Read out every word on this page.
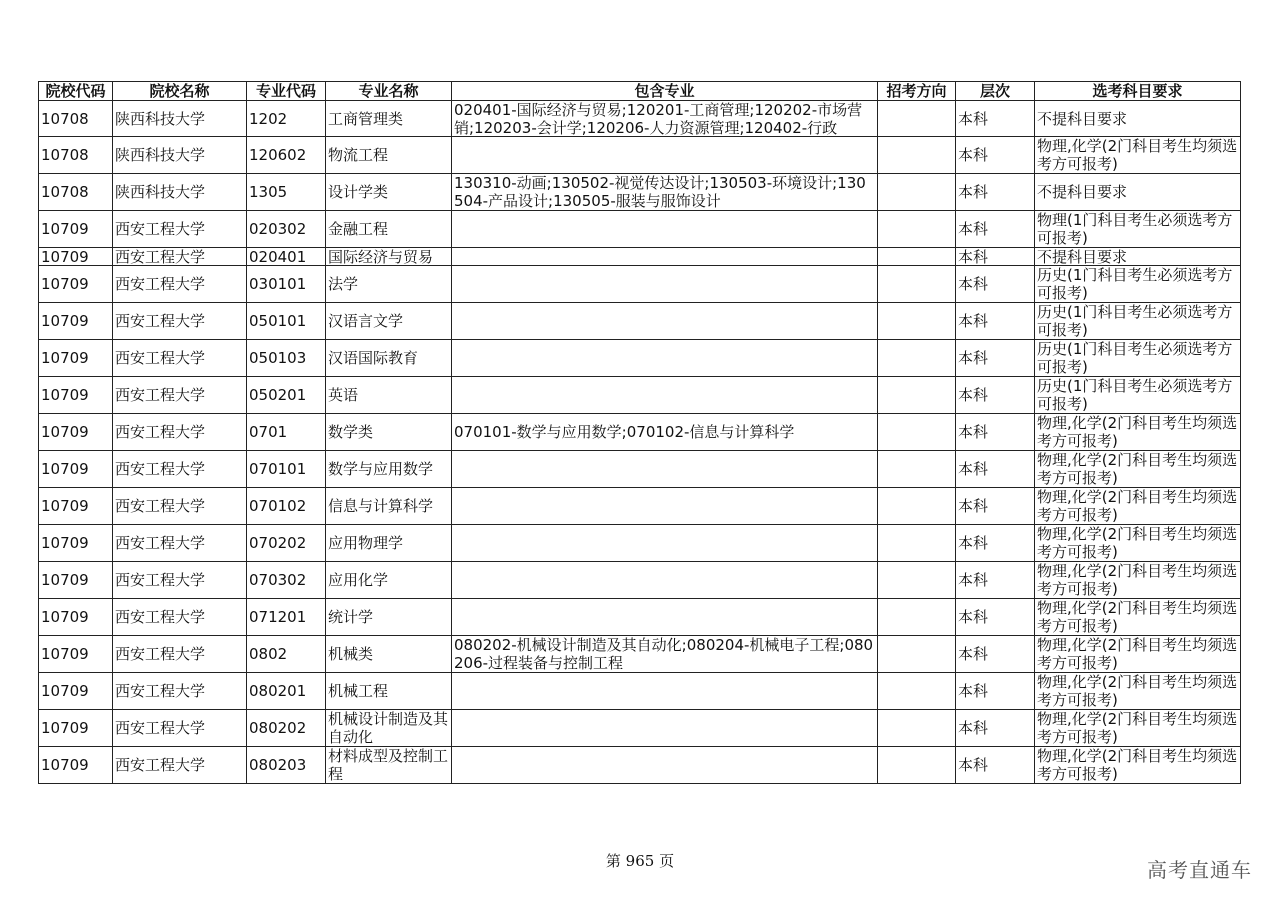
院校代码	院校名称	专业代码	专业名称	包含专业	招考方向	层次	选考科目要求

10708	陕西科技大学	1202	工商管理类	020401-国际经济与贸易;120201-工商管理;120202-市场营销;120203-会计学;120206-人力资源管理;120402-行政		本科	不提科目要求

10708	陕西科技大学	120602	物流工程			本科	物理,化学(2门科目考生均须选考方可报考)

10708	陕西科技大学	1305	设计学类	130310-动画;130502-视觉传达设计;130503-环境设计;130504-产品设计;130505-服装与服饰设计		本科	不提科目要求

10709	西安工程大学	020302	金融工程			本科	物理(1门科目考生必须选考方可报考)

10709	西安工程大学	020401	国际经济与贸易			本科	不提科目要求

10709	西安工程大学	030101	法学			本科	历史(1门科目考生必须选考方可报考)

10709	西安工程大学	050101	汉语言文学			本科	历史(1门科目考生必须选考方可报考)

10709	西安工程大学	050103	汉语国际教育			本科	历史(1门科目考生必须选考方可报考)

10709	西安工程大学	050201	英语			本科	历史(1门科目考生必须选考方可报考)

10709	西安工程大学	0701	数学类	070101-数学与应用数学;070102-信息与计算科学		本科	物理,化学(2门科目考生均须选考方可报考)

10709	西安工程大学	070101	数学与应用数学			本科	物理,化学(2门科目考生均须选考方可报考)

10709	西安工程大学	070102	信息与计算科学			本科	物理,化学(2门科目考生均须选考方可报考)

10709	西安工程大学	070202	应用物理学			本科	物理,化学(2门科目考生均须选考方可报考)

10709	西安工程大学	070302	应用化学			本科	物理,化学(2门科目考生均须选考方可报考)

10709	西安工程大学	071201	统计学			本科	物理,化学(2门科目考生均须选考方可报考)

10709	西安工程大学	0802	机械类	080202-机械设计制造及其自动化;080204-机械电子工程;080206-过程装备与控制工程		本科	物理,化学(2门科目考生均须选考方可报考)

10709	西安工程大学	080201	机械工程			本科	物理,化学(2门科目考生均须选考方可报考)

10709	西安工程大学	080202	机械设计制造及其自动化			本科	物理,化学(2门科目考生均须选考方可报考)

10709	西安工程大学	080203	材料成型及控制工程			本科	物理,化学(2门科目考生均须选考方可报考)
第 965 页	高考直通车
